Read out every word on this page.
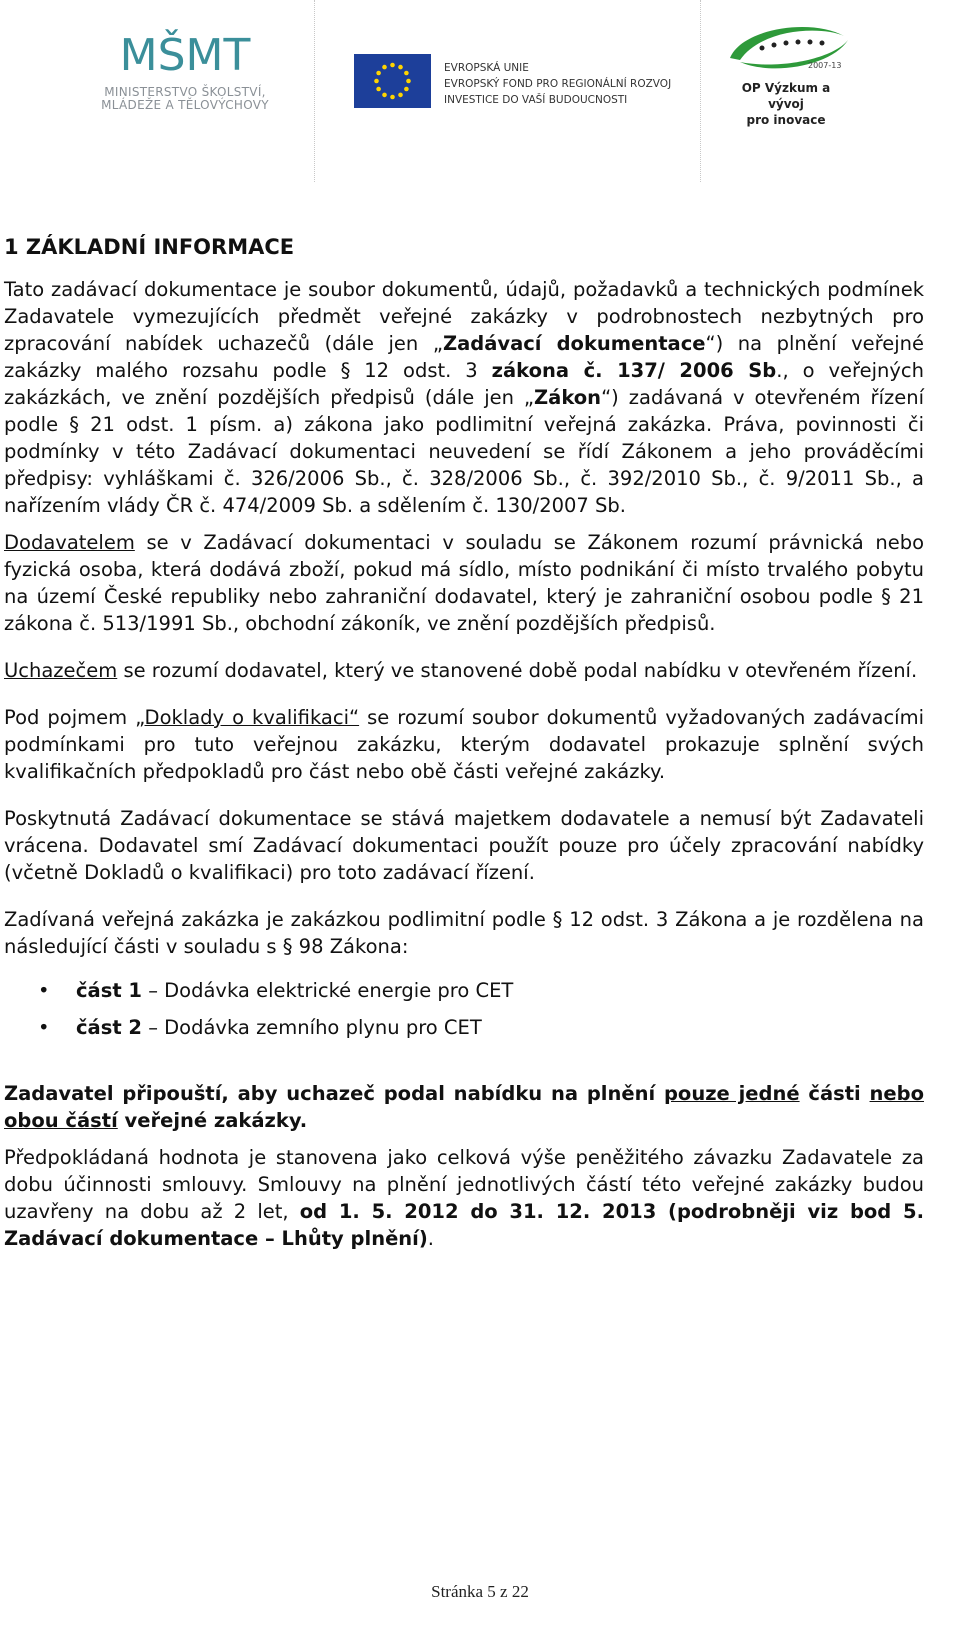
MŠMT
MINISTERSTVO ŠKOLSTVÍ,
MLÁDEŽE A TĚLOVÝCHOVY
EVROPSKÁ UNIE
EVROPSKÝ FOND PRO REGIONÁLNÍ ROZVOJ
INVESTICE DO VAŠÍ BUDOUCNOSTI
2007-13
OP Výzkum a vývoj
pro inovace
1 ZÁKLADNÍ INFORMACE

Tato zadávací dokumentace je soubor dokumentů, údajů, požadavků a technických podmínek Zadavatele vymezujících předmět veřejné zakázky v podrobnostech nezbytných pro zpracování nabídek uchazečů (dále jen „Zadávací dokumentace“) na plnění veřejné zakázky malého rozsahu podle § 12 odst. 3 zákona č. 137/ 2006 Sb., o veřejných zakázkách, ve znění pozdějších předpisů (dále jen „Zákon“) zadávaná v otevřeném řízení podle § 21 odst. 1 písm. a) zákona jako podlimitní veřejná zakázka. Práva, povinnosti či podmínky v této Zadávací dokumentaci neuvedení se řídí Zákonem a jeho prováděcími předpisy: vyhláškami č. 326/2006 Sb., č. 328/2006 Sb., č. 392/2010 Sb., č. 9/2011 Sb., a nařízením vlády ČR č. 474/2009 Sb. a sdělením č. 130/2007 Sb.

Dodavatelem se v Zadávací dokumentaci v souladu se Zákonem rozumí právnická nebo fyzická osoba, která dodává zboží, pokud má sídlo, místo podnikání či místo trvalého pobytu na území České republiky nebo zahraniční dodavatel, který je zahraniční osobou podle § 21 zákona č. 513/1991 Sb., obchodní zákoník, ve znění pozdějších předpisů.

Uchazečem se rozumí dodavatel, který ve stanovené době podal nabídku v otevřeném řízení.

Pod pojmem „Doklady o kvalifikaci“ se rozumí soubor dokumentů vyžadovaných zadávacími podmínkami pro tuto veřejnou zakázku, kterým dodavatel prokazuje splnění svých kvalifikačních předpokladů pro část nebo obě části veřejné zakázky.

Poskytnutá Zadávací dokumentace se stává majetkem dodavatele a nemusí být Zadavateli vrácena. Dodavatel smí Zadávací dokumentaci použít pouze pro účely zpracování nabídky (včetně Dokladů o kvalifikaci) pro toto zadávací řízení.

Zadívaná veřejná zakázka je zakázkou podlimitní podle § 12 odst. 3 Zákona a je rozdělena na následující části v souladu s § 98 Zákona:

• část 1 – Dodávka elektrické energie pro CET
• část 2 – Dodávka zemního plynu pro CET

Zadavatel připouští, aby uchazeč podal nabídku na plnění pouze jedné části nebo obou částí veřejné zakázky.

Předpokládaná hodnota je stanovena jako celková výše peněžitého závazku Zadavatele za dobu účinnosti smlouvy. Smlouvy na plnění jednotlivých částí této veřejné zakázky budou uzavřeny na dobu až 2 let, od 1. 5. 2012 do 31. 12. 2013 (podrobněji viz bod 5. Zadávací dokumentace – Lhůty plnění).

Stránka 5 z 22
